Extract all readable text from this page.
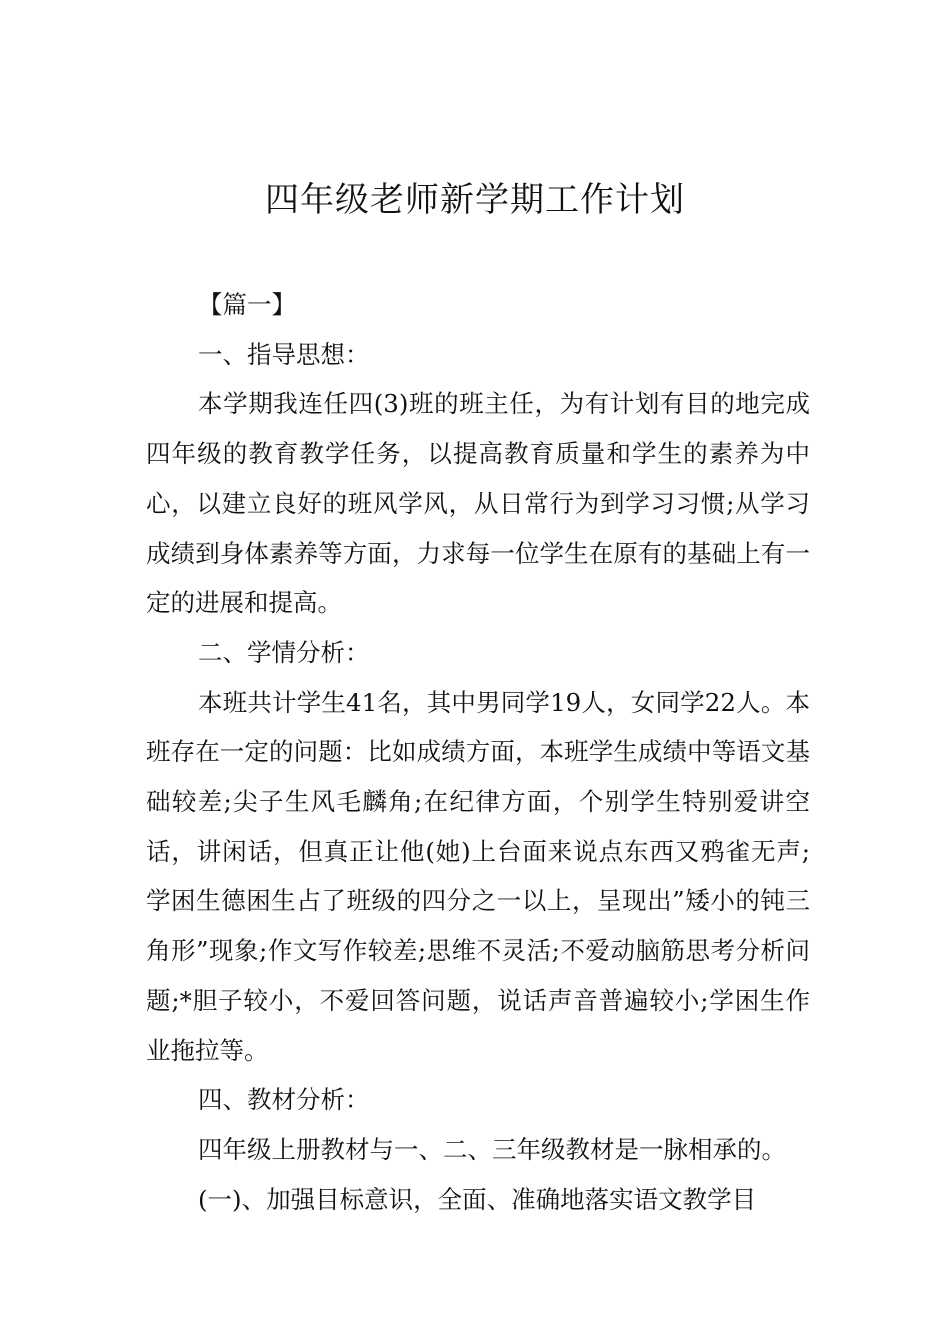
四年级老师新学期工作计划

【篇一】

一、指导思想：

本学期我连任四(3)班的班主任，为有计划有目的地完成四年级的教育教学任务，以提高教育质量和学生的素养为中心，以建立良好的班风学风，从日常行为到学习习惯;从学习成绩到身体素养等方面，力求每一位学生在原有的基础上有一定的进展和提高。

二、学情分析：

本班共计学生41名，其中男同学19人，女同学22人。本班存在一定的问题：比如成绩方面，本班学生成绩中等语文基础较差;尖子生风毛麟角;在纪律方面，个别学生特别爱讲空话，讲闲话，但真正让他(她)上台面来说点东西又鸦雀无声;学困生德困生占了班级的四分之一以上，呈现出”矮小的钝三角形”现象;作文写作较差;思维不灵活;不爱动脑筋思考分析问题;*胆子较小，不爱回答问题，说话声音普遍较小;学困生作业拖拉等。

四、教材分析：

四年级上册教材与一、二、三年级教材是一脉相承的。

(一)、加强目标意识，全面、准确地落实语文教学目
